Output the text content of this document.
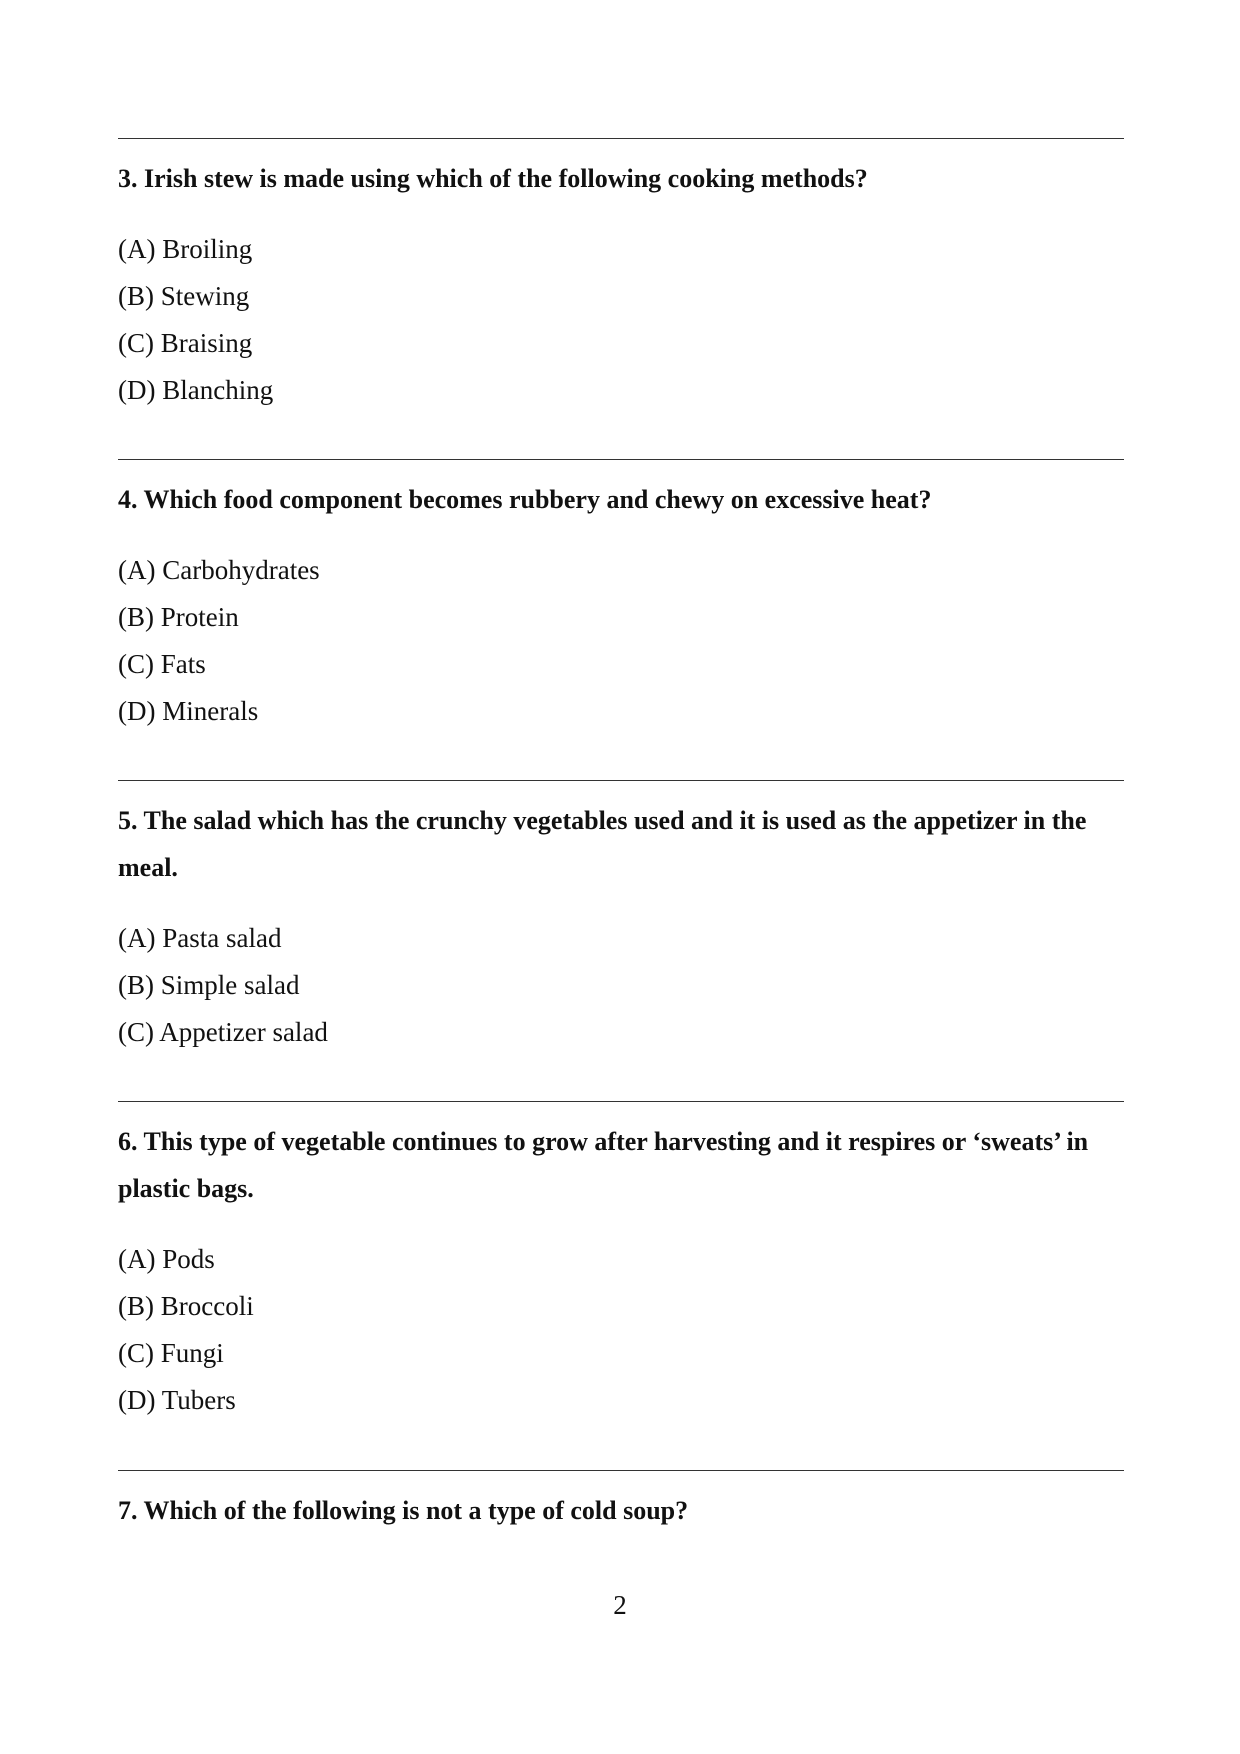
3. Irish stew is made using which of the following cooking methods?

(A) Broiling
(B) Stewing
(C) Braising
(D) Blanching

4. Which food component becomes rubbery and chewy on excessive heat?

(A) Carbohydrates
(B) Protein
(C) Fats
(D) Minerals

5. The salad which has the crunchy vegetables used and it is used as the appetizer in the meal.

(A) Pasta salad
(B) Simple salad
(C) Appetizer salad

6. This type of vegetable continues to grow after harvesting and it respires or ‘sweats’ in plastic bags.

(A) Pods
(B) Broccoli
(C) Fungi
(D) Tubers

7. Which of the following is not a type of cold soup?

2
